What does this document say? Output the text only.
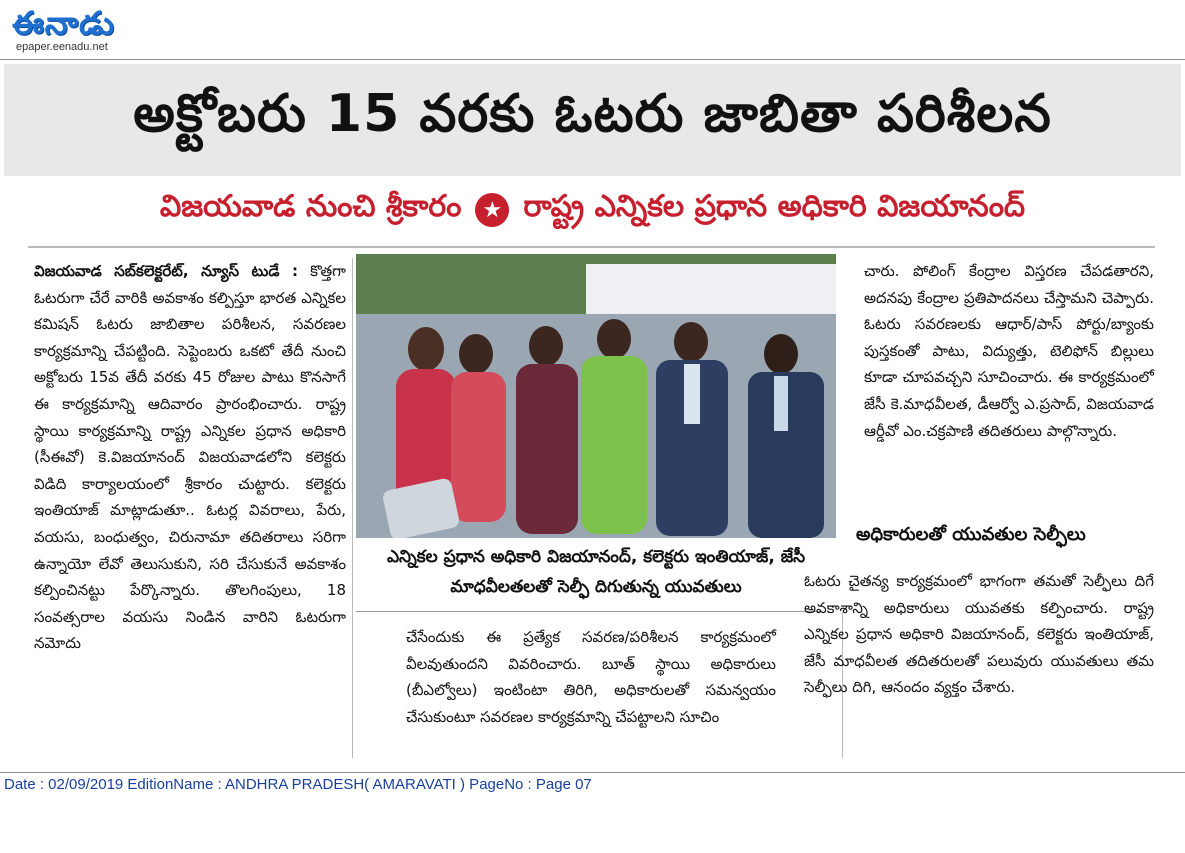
ఈనాడు
epaper.eenadu.net
అక్టోబరు 15 వరకు ఓటరు జాబితా పరిశీలన
విజయవాడ నుంచి శ్రీకారం ★ రాష్ట్ర ఎన్నికల ప్రధాన అధికారి విజయానంద్

విజయవాడ సబ్‌కలెక్టరేట్, న్యూస్ టుడే : కొత్తగా ఓటరుగా చేరే వారికి అవకాశం కల్పిస్తూ భారత ఎన్నికల కమిషన్ ఓటరు జాబితాల పరిశీలన, సవరణల కార్యక్రమాన్ని చేపట్టింది. సెప్టెంబరు ఒకటో తేదీ నుంచి అక్టోబరు 15వ తేదీ వరకు 45 రోజుల పాటు కొనసాగే ఈ కార్యక్రమాన్ని ఆదివారం ప్రారంభించారు. రాష్ట్ర స్థాయి కార్యక్రమాన్ని రాష్ట్ర ఎన్నికల ప్రధాన అధికారి (సీఈవో) కె.విజయానంద్ విజయవాడలోని కలెక్టరు విడిది కార్యాలయంలో శ్రీకారం చుట్టారు. కలెక్టరు ఇంతియాజ్ మాట్లాడుతూ.. ఓటర్ల వివరాలు, పేరు, వయసు, బంధుత్వం, చిరునామా తదితరాలు సరిగా ఉన్నాయో లేవో తెలుసుకుని, సరి చేసుకునే అవకాశం కల్పించినట్టు పేర్కొన్నారు. తొలగింపులు, 18 సంవత్సరాల వయసు నిండిన వారిని ఓటరుగా నమోదు

ఎన్నికల ప్రధాన అధికారి విజయానంద్, కలెక్టరు ఇంతియాజ్, జేసీ మాధవీలతలతో సెల్ఫీ దిగుతున్న యువతులు
చేసేందుకు ఈ ప్రత్యేక సవరణ/పరిశీలన కార్యక్రమంలో వీలవుతుందని వివరించారు. బూత్ స్థాయి అధికారులు (బీఎల్వోలు) ఇంటింటా తిరిగి, అధికారులతో సమన్వయం చేసుకుంటూ సవరణల కార్యక్రమాన్ని చేపట్టాలని సూచిం
చారు. పోలింగ్ కేంద్రాల విస్తరణ చేపడతారని, అదనపు కేంద్రాల ప్రతిపాదనలు చేస్తామని చెప్పారు. ఓటరు సవరణలకు ఆధార్/పాస్ పోర్టు/బ్యాంకు పుస్తకంతో పాటు, విద్యుత్తు, టెలిఫోన్ బిల్లులు కూడా చూపవచ్చని సూచించారు. ఈ కార్యక్రమంలో జేసీ కె.మాధవీలత, డీఆర్వో ఎ.ప్రసాద్, విజయవాడ ఆర్డీవో ఎం.చక్రపాణి తదితరులు పాల్గొన్నారు.
అధికారులతో యువతుల సెల్ఫీలు
ఓటరు చైతన్య కార్యక్రమంలో భాగంగా తమతో సెల్ఫీలు దిగే అవకాశాన్ని అధికారులు యువతకు కల్పించారు. రాష్ట్ర ఎన్నికల ప్రధాన అధికారి విజయానంద్, కలెక్టరు ఇంతియాజ్, జేసీ మాధవీలత తదితరులతో పలువురు యువతులు తమ సెల్ఫీలు దిగి, ఆనందం వ్యక్తం చేశారు.
Date : 02/09/2019 EditionName : ANDHRA PRADESH( AMARAVATI ) PageNo : Page 07
